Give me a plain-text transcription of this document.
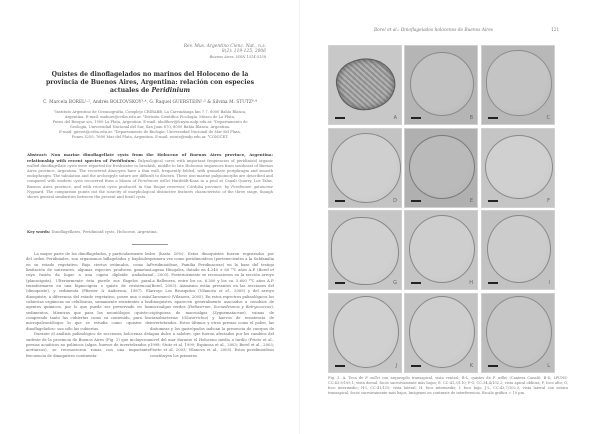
Rev. Mus. Argentino Cienc. Nat., n.s.
8(2): 119-125, 2006
Buenos Aires, ISSN 1514-5158
Quistes de dinoflagelados no marinos del Holoceno de la
provincia de Buenos Aires, Argentina: relación con especies
actuales de Peridinium
C. Marcela BOREL¹·², Andrés BOLTOVSKOY³·⁴, G. Raquel GUERSTEIN¹·⁵ & Silvina M. STUTZ⁶·⁴
¹Instituto Argentino de Oceanografía, Complejo CRIBABB, La Carrindanga km 7.7, 8000 Bahía Blanca,
Argentina. E-mail: mabore@criba.edu.ar. ³División Científica Ficología, Museo de La Plata,
Paseo del Bosque s/n, 1900 La Plata, Argentina. E-mail: aboltkov@fcnym.unlp.edu.ar. ²Departamento de
Geología, Universidad Nacional del Sur, San Juan 670, 8000 Bahía Blanca, Argentina.
E-mail: guerst@criba.edu.ar. ⁶Departamento de Biología, Universidad Nacional de Mar del Plata,
Funes 3250, 7600 Mar del Plata, Argentina. E-mail: sstutz@mdp.edu.ar. ⁴CONICET.
Abstract: Non marine dinoflagellate cysts from the Holocene of Buenos Aires province, Argentina: relationship with recent species of Peridinium. Palynological cores with important frequencies of peridinioid organic walled dinoflagellate cysts were reported for freshwater to brackish, middle to late Holocene sequences from southeast of Buenos Aires province, Argentina. The recovered dinocysts have a thin wall, frequently folded, with granulate periphragm and smooth endophragm. The tabulation and the archeopyle suture are difficult to discern. These non-marine palynomorphs are described and compared with modern cysts recovered from a bloom of Peridinium willei Huitfeldt-Kaas in a pool at Canali Quarry, Los Talas, Buenos Aires province, and with recent cysts produced in San Roque reservoir, Córdoba province, by Peridinium gatunense Nygaard. The comparison points out the scarcity of morphological distinctive features characteristic of the three stage, though shows general similarities between the present and fossil cysts.
Key words: Dinoflagellates, Peridinioid cysts, Holocene, Argentina.

La mayor parte de los dinoflagelados, y particularmente los del orden Peridiniales, son organismos biflagelados y haploides en su estado vegetativo. Bajo ciertos estímulos, como la limitación de nutrientes, algunas especies producen gametas cuya fusión da lugar a una cigota diploide nadadora (planocigota). Ulteriormente ésta pierde sus flagelos para transformarse en una hipnocigota o quiste de resistencia (dinoquiste), y sedimenta (Pfiester & Anderson, 1987). El dinoquiste, a diferencia del estado vegetativo, posee una o más cubiertas orgánicas no celulósicas, sumamente resistentes a los agentes químicos, por lo que puede ser preservado en los sedimentos. Mientras que para los neontólogos «quiste» comprende tanto las cubiertas como su contenido, para los micropaleontólogos lo que se estudia como «quistes de dinoflagelados» son sólo las cubiertas.

Durante el análisis palinológico de secciones holocenas del sudeste de la provincia de Buenos Aires (Fig. 1) que incluyeron presias acuáticos no polínicos (algas, huevos de invertebrados y acritarcos), se reconocieron zonas con una importante frecuencia de dinoquistes continenta-

les (hasta 20%). Estos dinoquistes fueron registrados por primera vez como peridinioideos (pertenecientes a la Subfamilia Peridinioideae, Familia Peridinaceae) en la base del testigo Laguna Hinojales, datado en 4.240 ± 60 ¹⁴C años A.P. (Borel et al., 2003). Posteriormente se reconocieron en la sección arroyo La Ballenera, entre los ca. 6.300 y los ca. 5.600 ¹⁴C años A.P. (Borel, 2003). Asimismo están presentes en las secciones del arroyo Los Brusquitos (Vilanova et al., 2005) y del arroyo Claromecó (Vilanova, 2005). En estos espectros palinológicos los dinoquistes aparecen generalmente asociados a cenobios de microalgas verdes (Pediastrum, Scenedesmus y Botryococcus), cigósporas de macroalgas (Zygnemataceae), vainas de cianobacterias (Gloeotrichia) y huevos de resistencia de invertebrados. Estos últimos y otros presias como el polen, las diatomeas y los gastrópodos indican la presencia de cuerpos de agua dulce a salobre, que fueron afectados por los cambios del nivel del mar durante el Holoceno medio a tardío (Prieto et al., 1998; Stutz et al, 1999; Espinosa et al., 2003; Borel et al., 2003; Prieto et al, 2003; Vilanova et al., 2005). Estos peridinioideos constituyen los primeros

Borel et al.: Dinoflagelados holocenos de Buenos Aires	121
A	B	C
D	E	F
G	H	I
J	K	L
Fig. 3. A. Teca de P. willei con arqueopilo transapical, vista ventral; B-L, quistes de P. willei (Cantera Canali): B-D, LPUNS-CC:43,9/109,1; vista dorsal, focos sucesivamente más bajos; E, CC:41,3/110; F-G, CC:34,4/102,2; vista apical oblicua; F, foco alto; G, foco intermedio; H-I, CC:41/110; vista lateral; H, foco intermedio; I, foco bajo; J-L, CC:43,7/102,5; vista lateral con sutura transapical, focos sucesivamente más bajos. Imágenes en contraste de interferencia. Escala gráfica = 10 µm.
